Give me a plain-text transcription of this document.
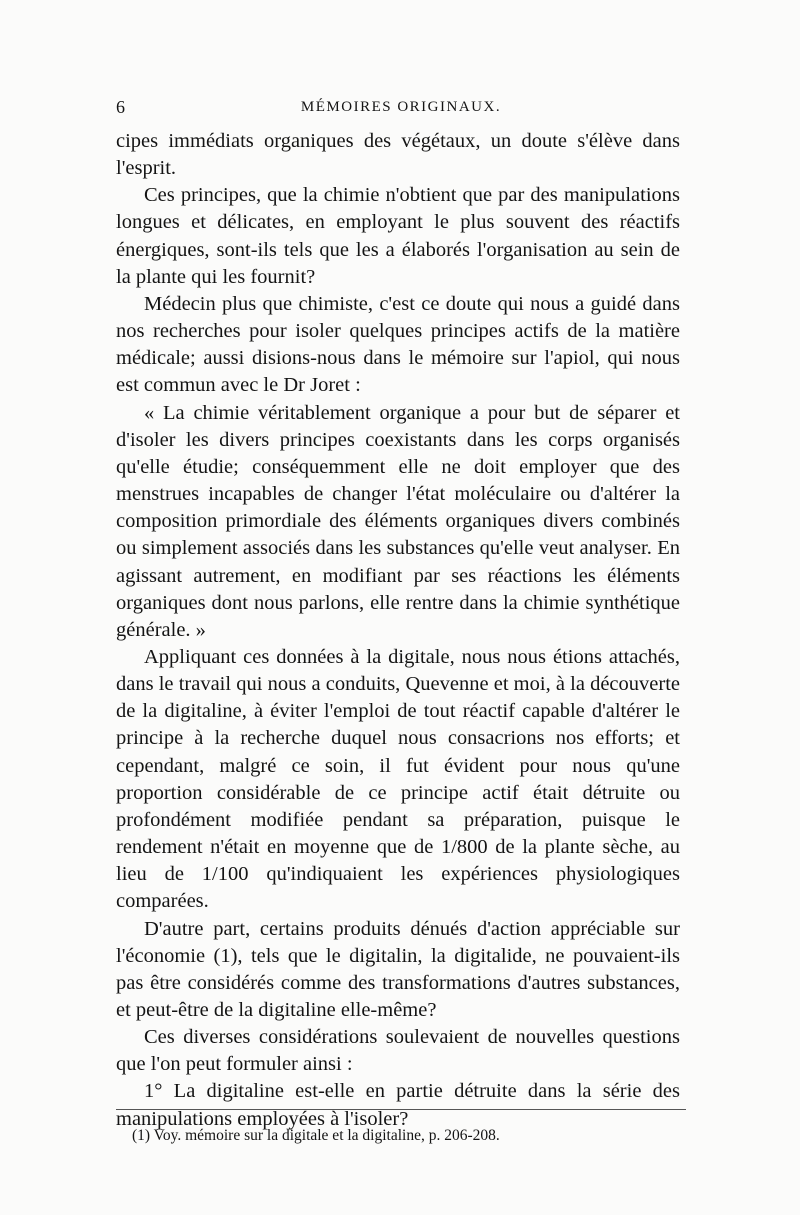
6	MÉMOIRES ORIGINAUX.

cipes immédiats organiques des végétaux, un doute s'élève dans l'esprit.

Ces principes, que la chimie n'obtient que par des manipulations longues et délicates, en employant le plus souvent des réactifs énergiques, sont-ils tels que les a élaborés l'organisation au sein de la plante qui les fournit?

Médecin plus que chimiste, c'est ce doute qui nous a guidé dans nos recherches pour isoler quelques principes actifs de la matière médicale; aussi disions-nous dans le mémoire sur l'apiol, qui nous est commun avec le Dr Joret :

« La chimie véritablement organique a pour but de séparer et d'isoler les divers principes coexistants dans les corps organisés qu'elle étudie; conséquemment elle ne doit employer que des menstrues incapables de changer l'état moléculaire ou d'altérer la composition primordiale des éléments organiques divers combinés ou simplement associés dans les substances qu'elle veut analyser. En agissant autrement, en modifiant par ses réactions les éléments organiques dont nous parlons, elle rentre dans la chimie synthétique générale. »

Appliquant ces données à la digitale, nous nous étions attachés, dans le travail qui nous a conduits, Quevenne et moi, à la découverte de la digitaline, à éviter l'emploi de tout réactif capable d'altérer le principe à la recherche duquel nous consacrions nos efforts; et cependant, malgré ce soin, il fut évident pour nous qu'une proportion considérable de ce principe actif était détruite ou profondément modifiée pendant sa préparation, puisque le rendement n'était en moyenne que de 1/800 de la plante sèche, au lieu de 1/100 qu'indiquaient les expériences physiologiques comparées.

D'autre part, certains produits dénués d'action appréciable sur l'économie (1), tels que le digitalin, la digitalide, ne pouvaient-ils pas être considérés comme des transformations d'autres substances, et peut-être de la digitaline elle-même?

Ces diverses considérations soulevaient de nouvelles questions que l'on peut formuler ainsi :

1° La digitaline est-elle en partie détruite dans la série des manipulations employées à l'isoler?

(1) Voy. mémoire sur la digitale et la digitaline, p. 206-208.
